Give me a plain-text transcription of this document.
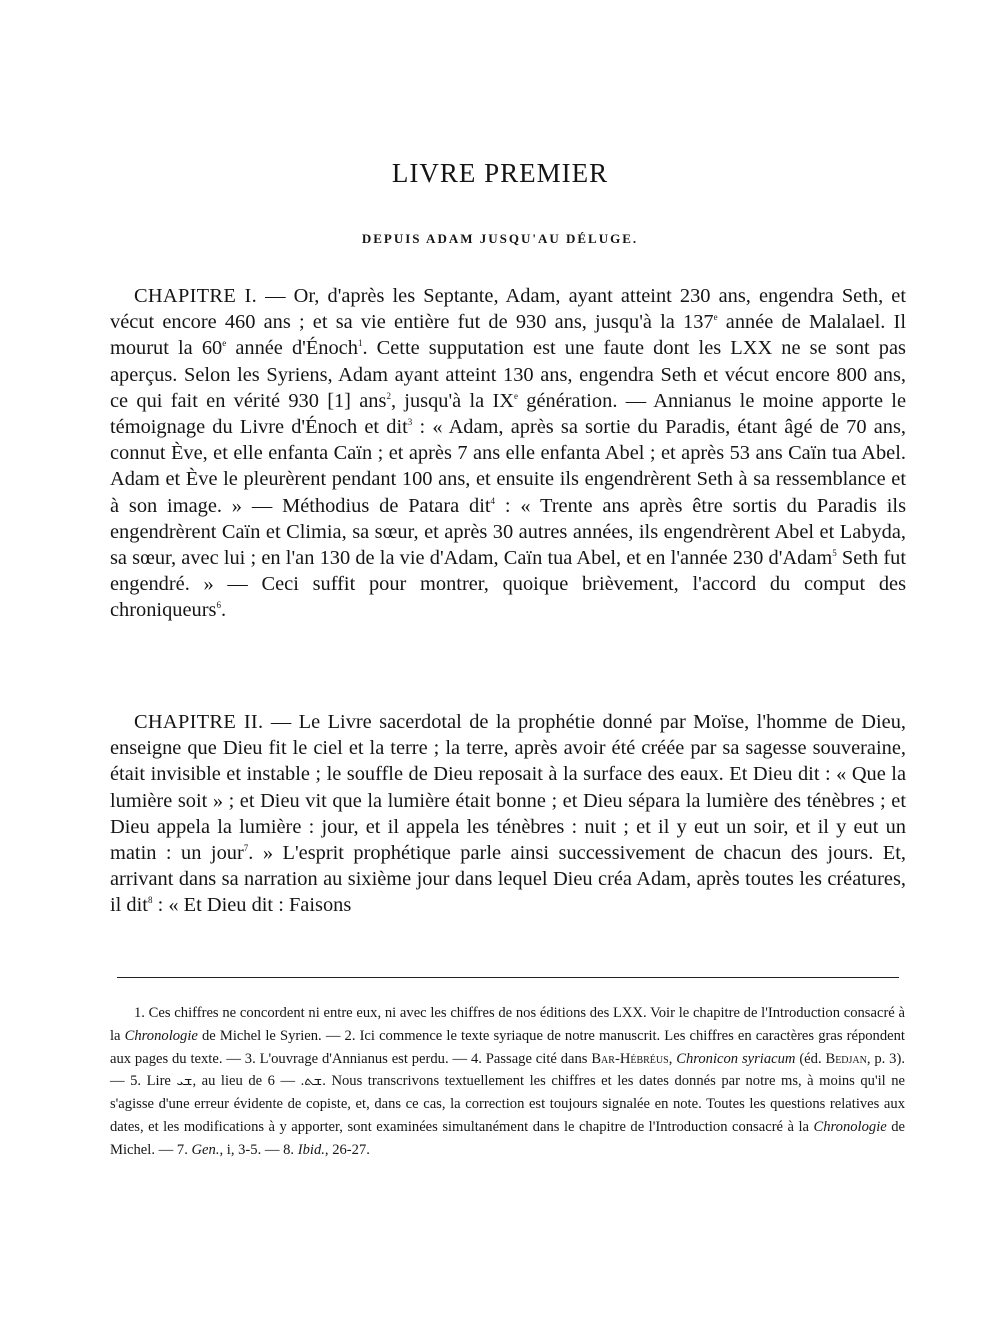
LIVRE PREMIER
DEPUIS ADAM JUSQU'AU DÉLUGE.

CHAPITRE I. — Or, d'après les Septante, Adam, ayant atteint 230 ans, engendra Seth, et vécut encore 460 ans ; et sa vie entière fut de 930 ans, jusqu'à la 137e année de Malalael. Il mourut la 60e année d'Énoch$^1$. Cette supputation est une faute dont les LXX ne se sont pas aperçus. Selon les Syriens, Adam ayant atteint 130 ans, engendra Seth et vécut encore 800 ans, ce qui fait en vérité 930 [1] ans$^2$, jusqu'à la IXe génération. — Annianus le moine apporte le témoignage du Livre d'Énoch et dit$^3$ : « Adam, après sa sortie du Paradis, étant âgé de 70 ans, connut Ève, et elle enfanta Caïn ; et après 7 ans elle enfanta Abel ; et après 53 ans Caïn tua Abel. Adam et Ève le pleurèrent pendant 100 ans, et ensuite ils engendrèrent Seth à sa ressemblance et à son image. » — Méthodius de Patara dit$^4$ : « Trente ans après être sortis du Paradis ils engendrèrent Caïn et Climia, sa sœur, et après 30 autres années, ils engendrèrent Abel et Labyda, sa sœur, avec lui ; en l'an 130 de la vie d'Adam, Caïn tua Abel, et en l'année 230 d'Adam$^5$ Seth fut engendré. » — Ceci suffit pour montrer, quoique brièvement, l'accord du comput des chroniqueurs$^6$.

CHAPITRE II. — Le Livre sacerdotal de la prophétie donné par Moïse, l'homme de Dieu, enseigne que Dieu fit le ciel et la terre ; la terre, après avoir été créée par sa sagesse souveraine, était invisible et instable ; le souffle de Dieu reposait à la surface des eaux. Et Dieu dit : « Que la lumière soit » ; et Dieu vit que la lumière était bonne ; et Dieu sépara la lumière des ténèbres ; et Dieu appela la lumière : jour, et il appela les ténèbres : nuit ; et il y eut un soir, et il y eut un matin : un jour$^7$. » L'esprit prophétique parle ainsi successivement de chacun des jours. Et, arrivant dans sa narration au sixième jour dans lequel Dieu créa Adam, après toutes les créatures, il dit$^8$ : « Et Dieu dit : Faisons

1. Ces chiffres ne concordent ni entre eux, ni avec les chiffres de nos éditions des LXX. Voir le chapitre de l'Introduction consacré à la Chronologie de Michel le Syrien. — 2. Ici commence le texte syriaque de notre manuscrit. Les chiffres en caractères gras répondent aux pages du texte. — 3. L'ouvrage d'Annianus est perdu. — 4. Passage cité dans Bar-Hébréus, Chronicon syriacum (éd. Bedjan, p. 3). — 5. Lire ܫܝ, au lieu de	ܫܬ. — 6. Nous transcrivons textuellement les chiffres et les dates donnés par notre ms, à moins qu'il ne s'agisse d'une erreur évidente de copiste, et, dans ce cas, la correction est toujours signalée en note. Toutes les questions relatives aux dates, et les modifications à y apporter, sont examinées simultanément dans le chapitre de l'Introduction consacré à la Chronologie de Michel. — 7. Gen., i, 3-5. — 8. Ibid., 26-27.
